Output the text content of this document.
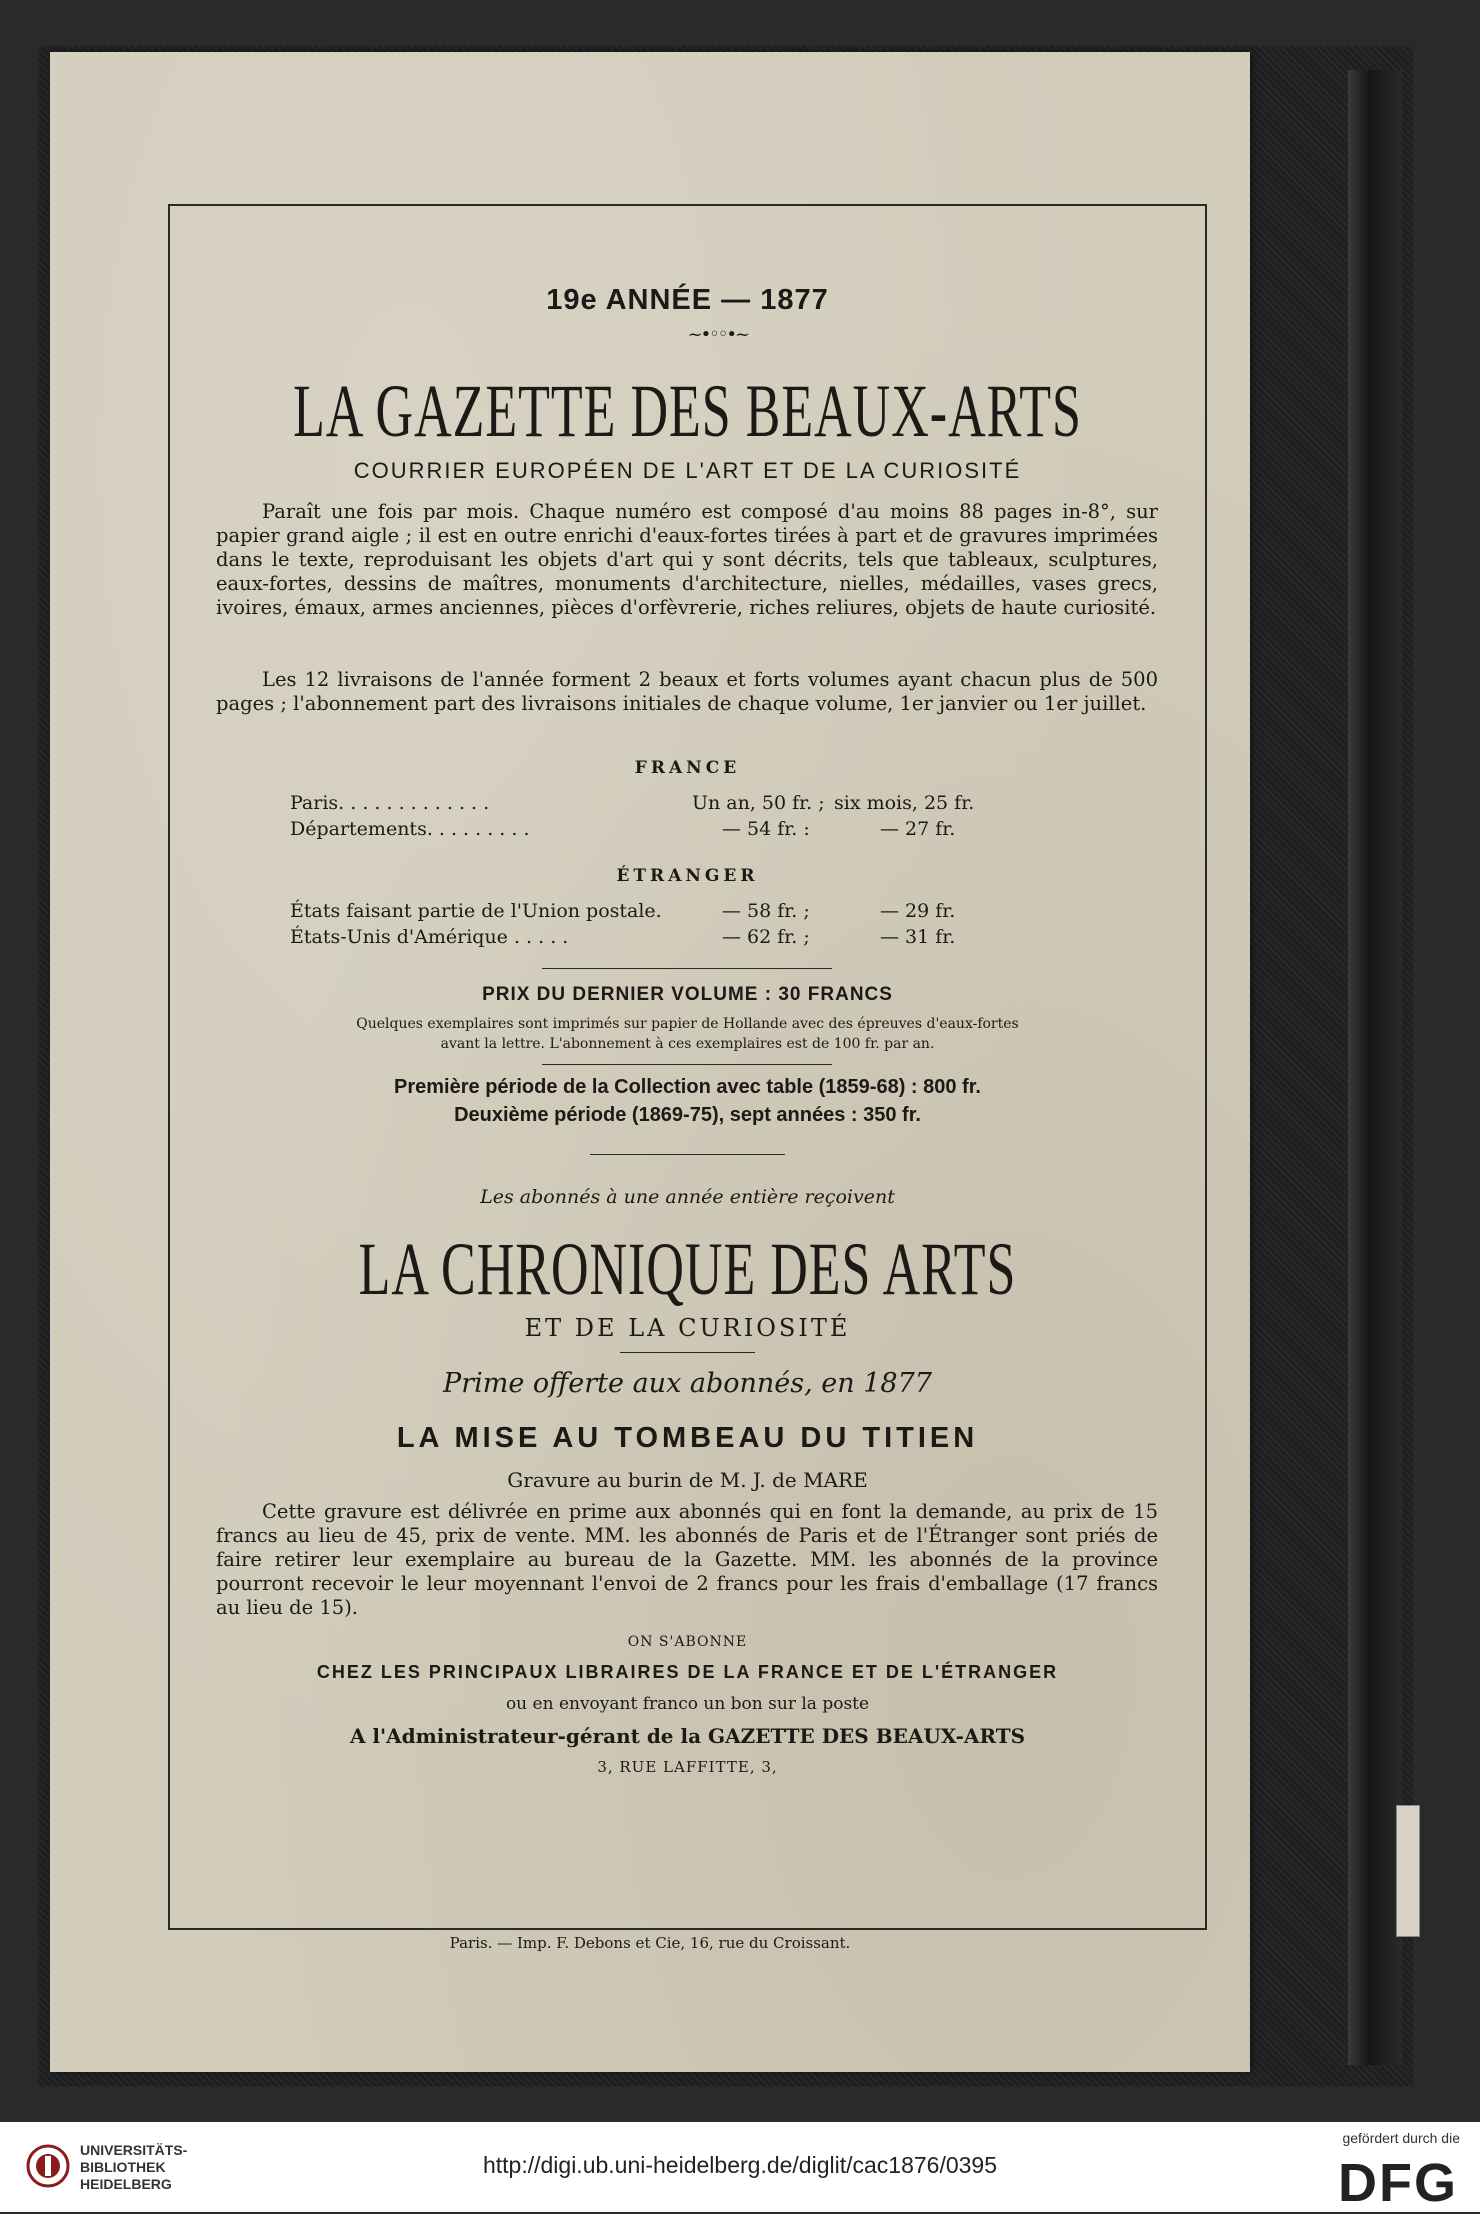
19e ANNÉE — 1877
~•◦◦•~
LA GAZETTE DES BEAUX-ARTS
COURRIER EUROPÉEN DE L'ART ET DE LA CURIOSITÉ
Paraît une fois par mois. Chaque numéro est composé d'au moins 88 pages in-8°, sur papier grand aigle ; il est en outre enrichi d'eaux-fortes tirées à part et de gravures imprimées dans le texte, reproduisant les objets d'art qui y sont décrits, tels que tableaux, sculptures, eaux-fortes, dessins de maîtres, monuments d'architecture, nielles, médailles, vases grecs, ivoires, émaux, armes anciennes, pièces d'orfèvrerie, riches reliures, objets de haute curiosité.
Les 12 livraisons de l'année forment 2 beaux et forts volumes ayant chacun plus de 500 pages ; l'abonnement part des livraisons initiales de chaque volume, 1er janvier ou 1er juillet.
FRANCE
Paris. . . . . . . . . . . . .	Un an, 50 fr. ; six mois, 25 fr.
Départements. . . . . . . . .	— 54 fr. :	— 27 fr.
ÉTRANGER
États faisant partie de l'Union postale.	— 58 fr. ;	— 29 fr.
États-Unis d'Amérique . . . . .	— 62 fr. ;	— 31 fr.
PRIX DU DERNIER VOLUME : 30 FRANCS
Quelques exemplaires sont imprimés sur papier de Hollande avec des épreuves d'eaux-fortes
avant la lettre. L'abonnement à ces exemplaires est de 100 fr. par an.
Première période de la Collection avec table (1859-68) : 800 fr.
Deuxième période (1869-75), sept années : 350 fr.
Les abonnés à une année entière reçoivent
LA CHRONIQUE DES ARTS
ET DE LA CURIOSITÉ
Prime offerte aux abonnés, en 1877
LA MISE AU TOMBEAU DU TITIEN
Gravure au burin de M. J. de MARE
Cette gravure est délivrée en prime aux abonnés qui en font la demande, au prix de 15 francs au lieu de 45, prix de vente. MM. les abonnés de Paris et de l'Étranger sont priés de faire retirer leur exemplaire au bureau de la Gazette. MM. les abonnés de la province pourront recevoir le leur moyennant l'envoi de 2 francs pour les frais d'emballage (17 francs au lieu de 15).
ON S'ABONNE
CHEZ LES PRINCIPAUX LIBRAIRES DE LA FRANCE ET DE L'ÉTRANGER
ou en envoyant franco un bon sur la poste
A l'Administrateur-gérant de la GAZETTE DES BEAUX-ARTS
3, RUE LAFFITTE, 3,
Paris. — Imp. F. Debons et Cie, 16, rue du Croissant.
UNIVERSITÄTS-
BIBLIOTHEK
HEIDELBERG
http://digi.ub.uni-heidelberg.de/diglit/cac1876/0395
gefördert durch die
DFG
